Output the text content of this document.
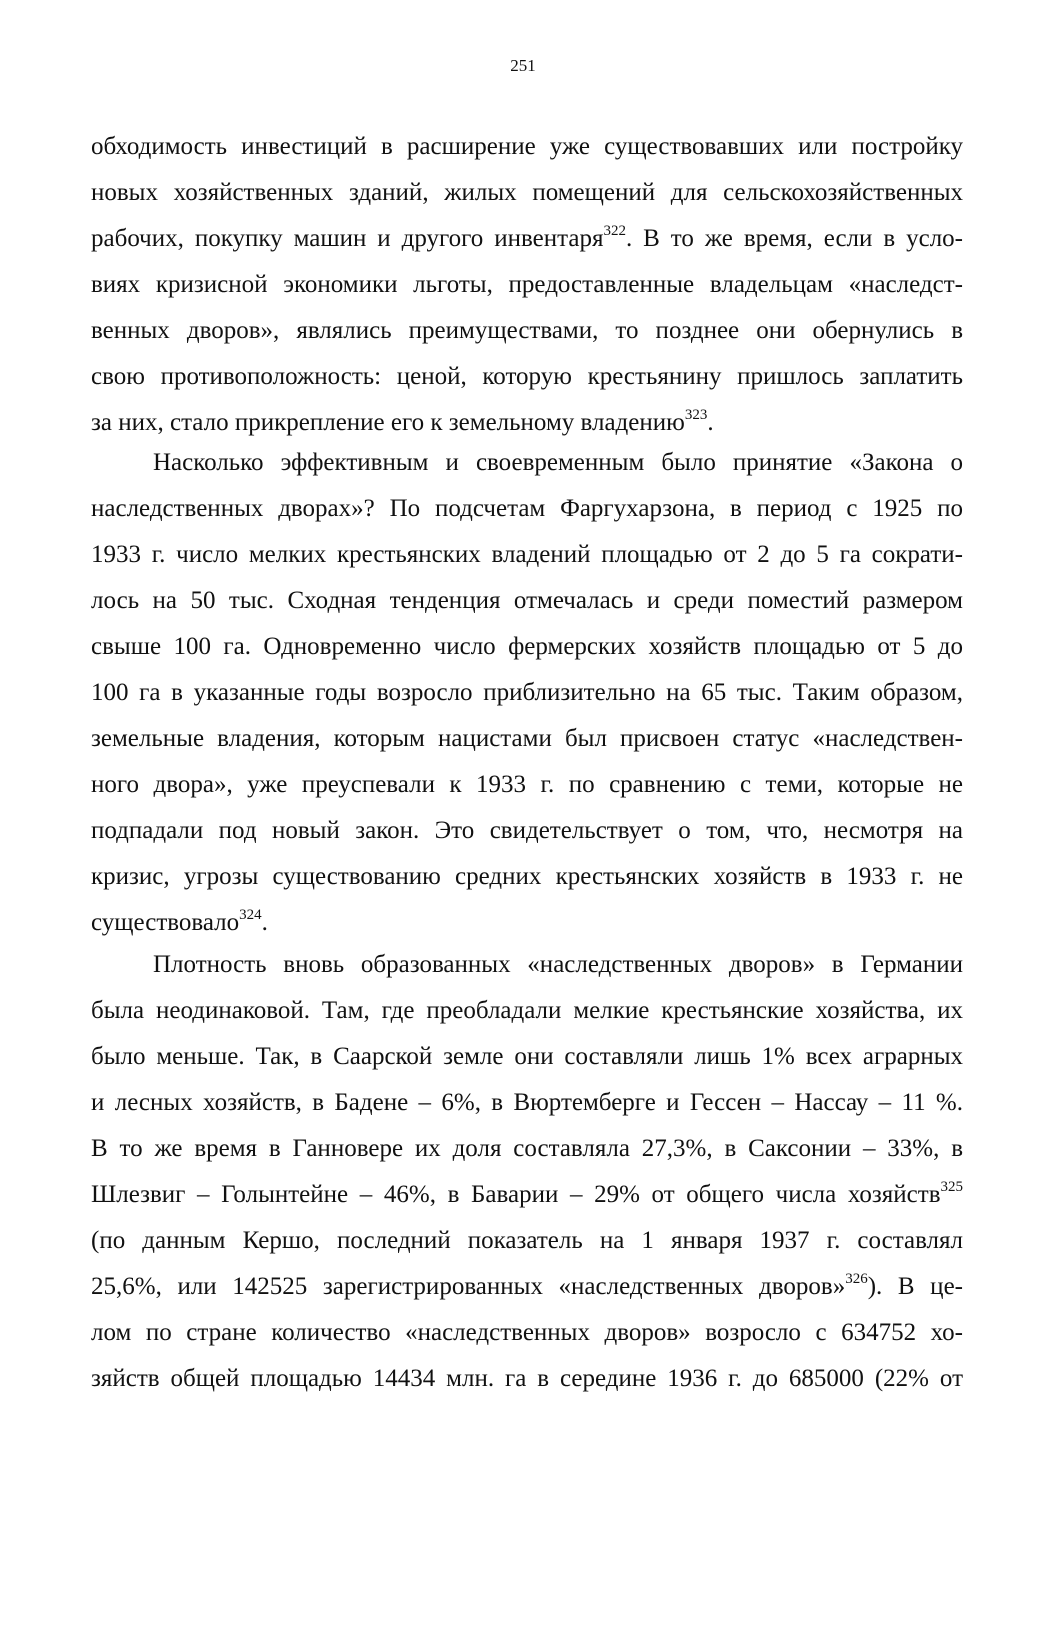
251

обходимость инвестиций в расширение уже существовавших или постройку
новых хозяйственных зданий, жилых помещений для сельскохозяйственных
рабочих, покупку машин и другого инвентаря$^{322}$. В то же время, если в усло-
виях кризисной экономики льготы, предоставленные владельцам «наследст-
венных дворов», являлись преимуществами, то позднее они обернулись в
свою противоположность: ценой, которую крестьянину пришлось заплатить
за них, стало прикрепление его к земельному владению$^{323}$.

Насколько эффективным и своевременным было принятие «Закона о
наследственных дворах»? По подсчетам Фаргухарзона, в период с 1925 по
1933 г. число мелких крестьянских владений площадью от 2 до 5 га сократи-
лось на 50 тыс. Сходная тенденция отмечалась и среди поместий размером
свыше 100 га. Одновременно число фермерских хозяйств площадью от 5 до
100 га в указанные годы возросло приблизительно на 65 тыс. Таким образом,
земельные владения, которым нацистами был присвоен статус «наследствен-
ного двора», уже преуспевали к 1933 г. по сравнению с теми, которые не
подпадали под новый закон. Это свидетельствует о том, что, несмотря на
кризис, угрозы существованию средних крестьянских хозяйств в 1933 г. не
существовало$^{324}$.

Плотность вновь образованных «наследственных дворов» в Германии
была неодинаковой. Там, где преобладали мелкие крестьянские хозяйства, их
было меньше. Так, в Саарской земле они составляли лишь 1% всех аграрных
и лесных хозяйств, в Бадене – 6%, в Вюртемберге и Гессен – Нассау – 11 %.
В то же время в Ганновере их доля составляла 27,3%, в Саксонии – 33%, в
Шлезвиг – Голынтейне – 46%, в Баварии – 29% от общего числа хозяйств$^{325}$
(по данным Кершо, последний показатель на 1 января 1937 г. составлял
25,6%, или 142525 зарегистрированных «наследственных дворов»$^{326}$). В це-
лом по стране количество «наследственных дворов» возросло с 634752 хо-
зяйств общей площадью 14434 млн. га в середине 1936 г. до 685000 (22% от
